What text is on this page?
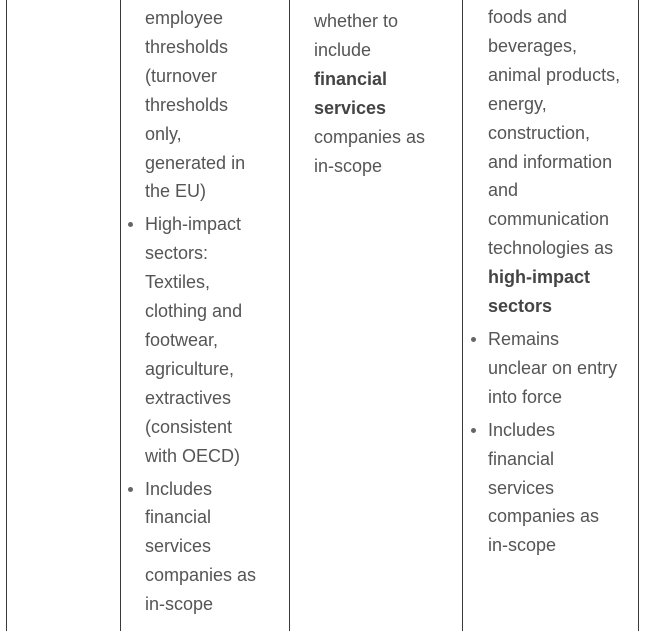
employee
thresholds
(turnover
thresholds
only,
generated in
the EU)
High-impact
sectors:
Textiles,
clothing and
footwear,
agriculture,
extractives
(consistent
with OECD)
Includes
financial
services
companies as
in-scope

whether to

include

financial

services

companies as

in-scope

foods and
beverages,
animal products,
energy,
construction,
and information
and
communication
technologies as
high-impact
sectors
Remains
unclear on entry
into force
Includes
financial
services
companies as
in-scope
